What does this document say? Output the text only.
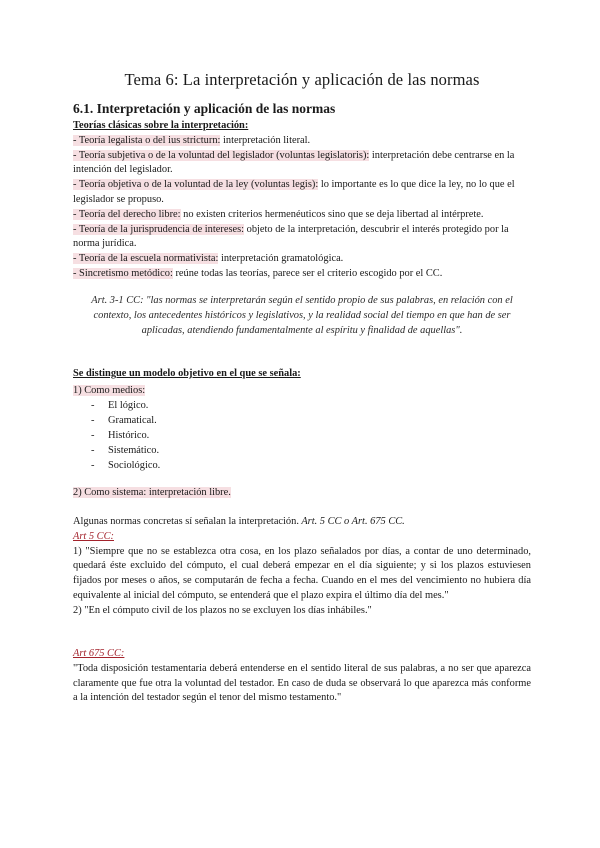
Tema 6: La interpretación y aplicación de las normas
6.1. Interpretación y aplicación de las normas
Teorías clásicas sobre la interpretación:
- Teoría legalista o del ius stricturn: interpretación literal.
- Teoría subjetiva o de la voluntad del legislador (voluntas legislatoris): interpretación debe centrarse en la intención del legislador.
- Teoría objetiva o de la voluntad de la ley (voluntas legis): lo importante es lo que dice la ley, no lo que el legislador se propuso.
- Teoría del derecho libre: no existen criterios hermenéuticos sino que se deja libertad al intérprete.
- Teoría de la jurisprudencia de intereses: objeto de la interpretación, descubrir el interés protegido por la norma jurídica.
- Teoría de la escuela normativista: interpretación gramatológica.
- Sincretismo metódico: reúne todas las teorías, parece ser el criterio escogido por el CC.
Art. 3-1 CC: "las normas se interpretarán según el sentido propio de sus palabras, en relación con el contexto, los antecedentes históricos y legislativos, y la realidad social del tiempo en que han de ser aplicadas, atendiendo fundamentalmente al espíritu y finalidad de aquellas".
Se distingue un modelo objetivo en el que se señala:
1) Como medios:
- El lógico.
- Gramatical.
- Histórico.
- Sistemático.
- Sociológico.
2) Como sistema: interpretación libre.
Algunas normas concretas sí señalan la interpretación. Art. 5 CC o Art. 675 CC.
Art 5 CC:
1) "Siempre que no se establezca otra cosa, en los plazo señalados por días, a contar de uno determinado, quedará éste excluido del cómputo, el cual deberá empezar en el día siguiente; y si los plazos estuviesen fijados por meses o años, se computarán de fecha a fecha. Cuando en el mes del vencimiento no hubiera día equivalente al inicial del cómputo, se entenderá que el plazo expira el último día del mes."
2) "En el cómputo civil de los plazos no se excluyen los días inhábiles."
Art 675 CC:
"Toda disposición testamentaria deberá entenderse en el sentido literal de sus palabras, a no ser que aparezca claramente que fue otra la voluntad del testador. En caso de duda se observará lo que aparezca más conforme a la intención del testador según el tenor del mismo testamento."
